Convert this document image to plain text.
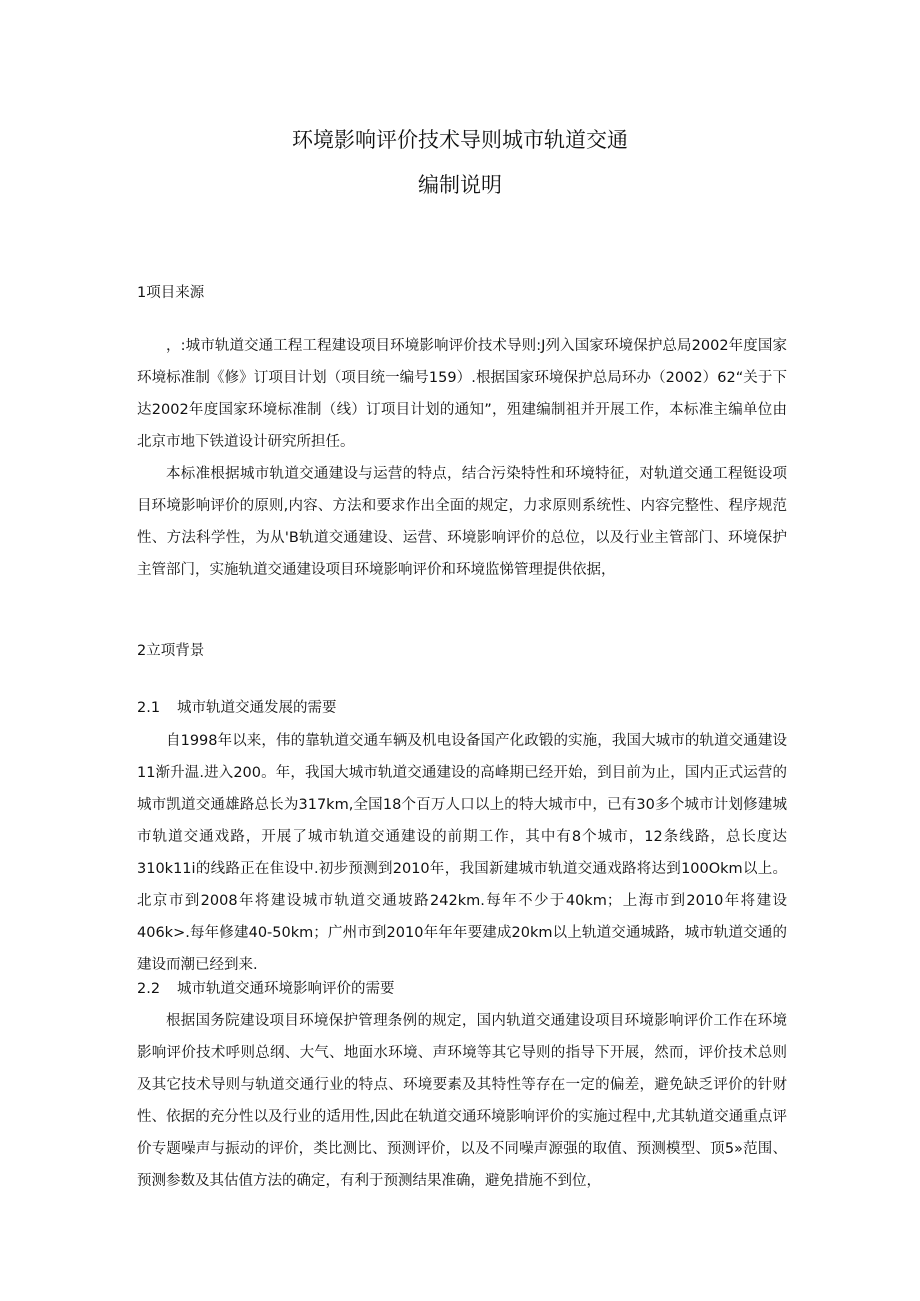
环境影响评价技术导则城市轨道交通
编制说明
1项目来源

，:城市轨道交通工程工程建设项目环境影响评价技术导则:J列入国家环境保护总局2002年度国家环境标准制《修》订项目计划（项目统一编号159）.根据国家环境保护总局环办（2002）62“关于下达2002年度国家环境标准制（线）订项目计划的通知”，殂建编制祖并开展工作，本标准主编单位由北京市地下铁道设计研究所担任。

本标准根据城市轨道交通建设与运营的特点，结合污染特性和环境特征，对轨道交通工程铤设项目环境影响评价的原则,内容、方法和要求作出全面的规定，力求原则系统性、内容完整性、程序规范性、方法科学性，为从'B轨道交通建设、运营、环境影响评价的总位，以及行业主管部门、环境保护主管部门，实施轨道交通建设项目环境影响评价和环境监悌管理提供依据，

2立项背景
2.1 城市轨道交通发展的需要

自1998年以来，伟的靠轨道交通车辆及机电设备国产化政锻的实施，我国大城市的轨道交通建设11渐升温.进入200。年，我国大城市轨道交通建设的高峰期已经开始，到目前为止，国内正式运营的城市凯道交通雄路总长为317km,全国18个百万人口以上的特大城市中，已有30多个城市计划修建城市轨道交通戏路，开展了城市轨道交通建设的前期工作，其中有8个城市，12条线路，总长度达310k11i的线路正在隹设中.初步预测到2010年，我国新建城市轨道交通戏路将达到100Okm以上。北京市到2008年将建设城市轨道交通坡路242km.每年不少于40km；上海市到2010年将建设406k>.每年修建40-50km；广州市到2010年年年要建成20km以上轨道交通城路，城市轨道交通的建设而潮已经到来.

2.2 城市轨道交通环境影响评价的需要

根据国务院建设项目环境保护管理条例的规定，国内轨道交通建设项目环境影响评价工作在环境影响评价技术呼则总纲、大气、地面水环境、声环境等其它导则的指导下开展，然而，评价技术总则及其它技术导则与轨道交通行业的特点、环境要素及其特性等存在一定的偏差，避免缺乏评价的针财性、依据的充分性以及行业的适用性,因此在轨道交通环境影响评价的实施过程中,尤其轨道交通重点评价专题噪声与振动的评价，类比测比、预测评价，以及不同噪声源强的取值、预测模型、顶5»范围、预测参数及其估值方法的确定，有利于预测结果准确，避免措施不到位，
